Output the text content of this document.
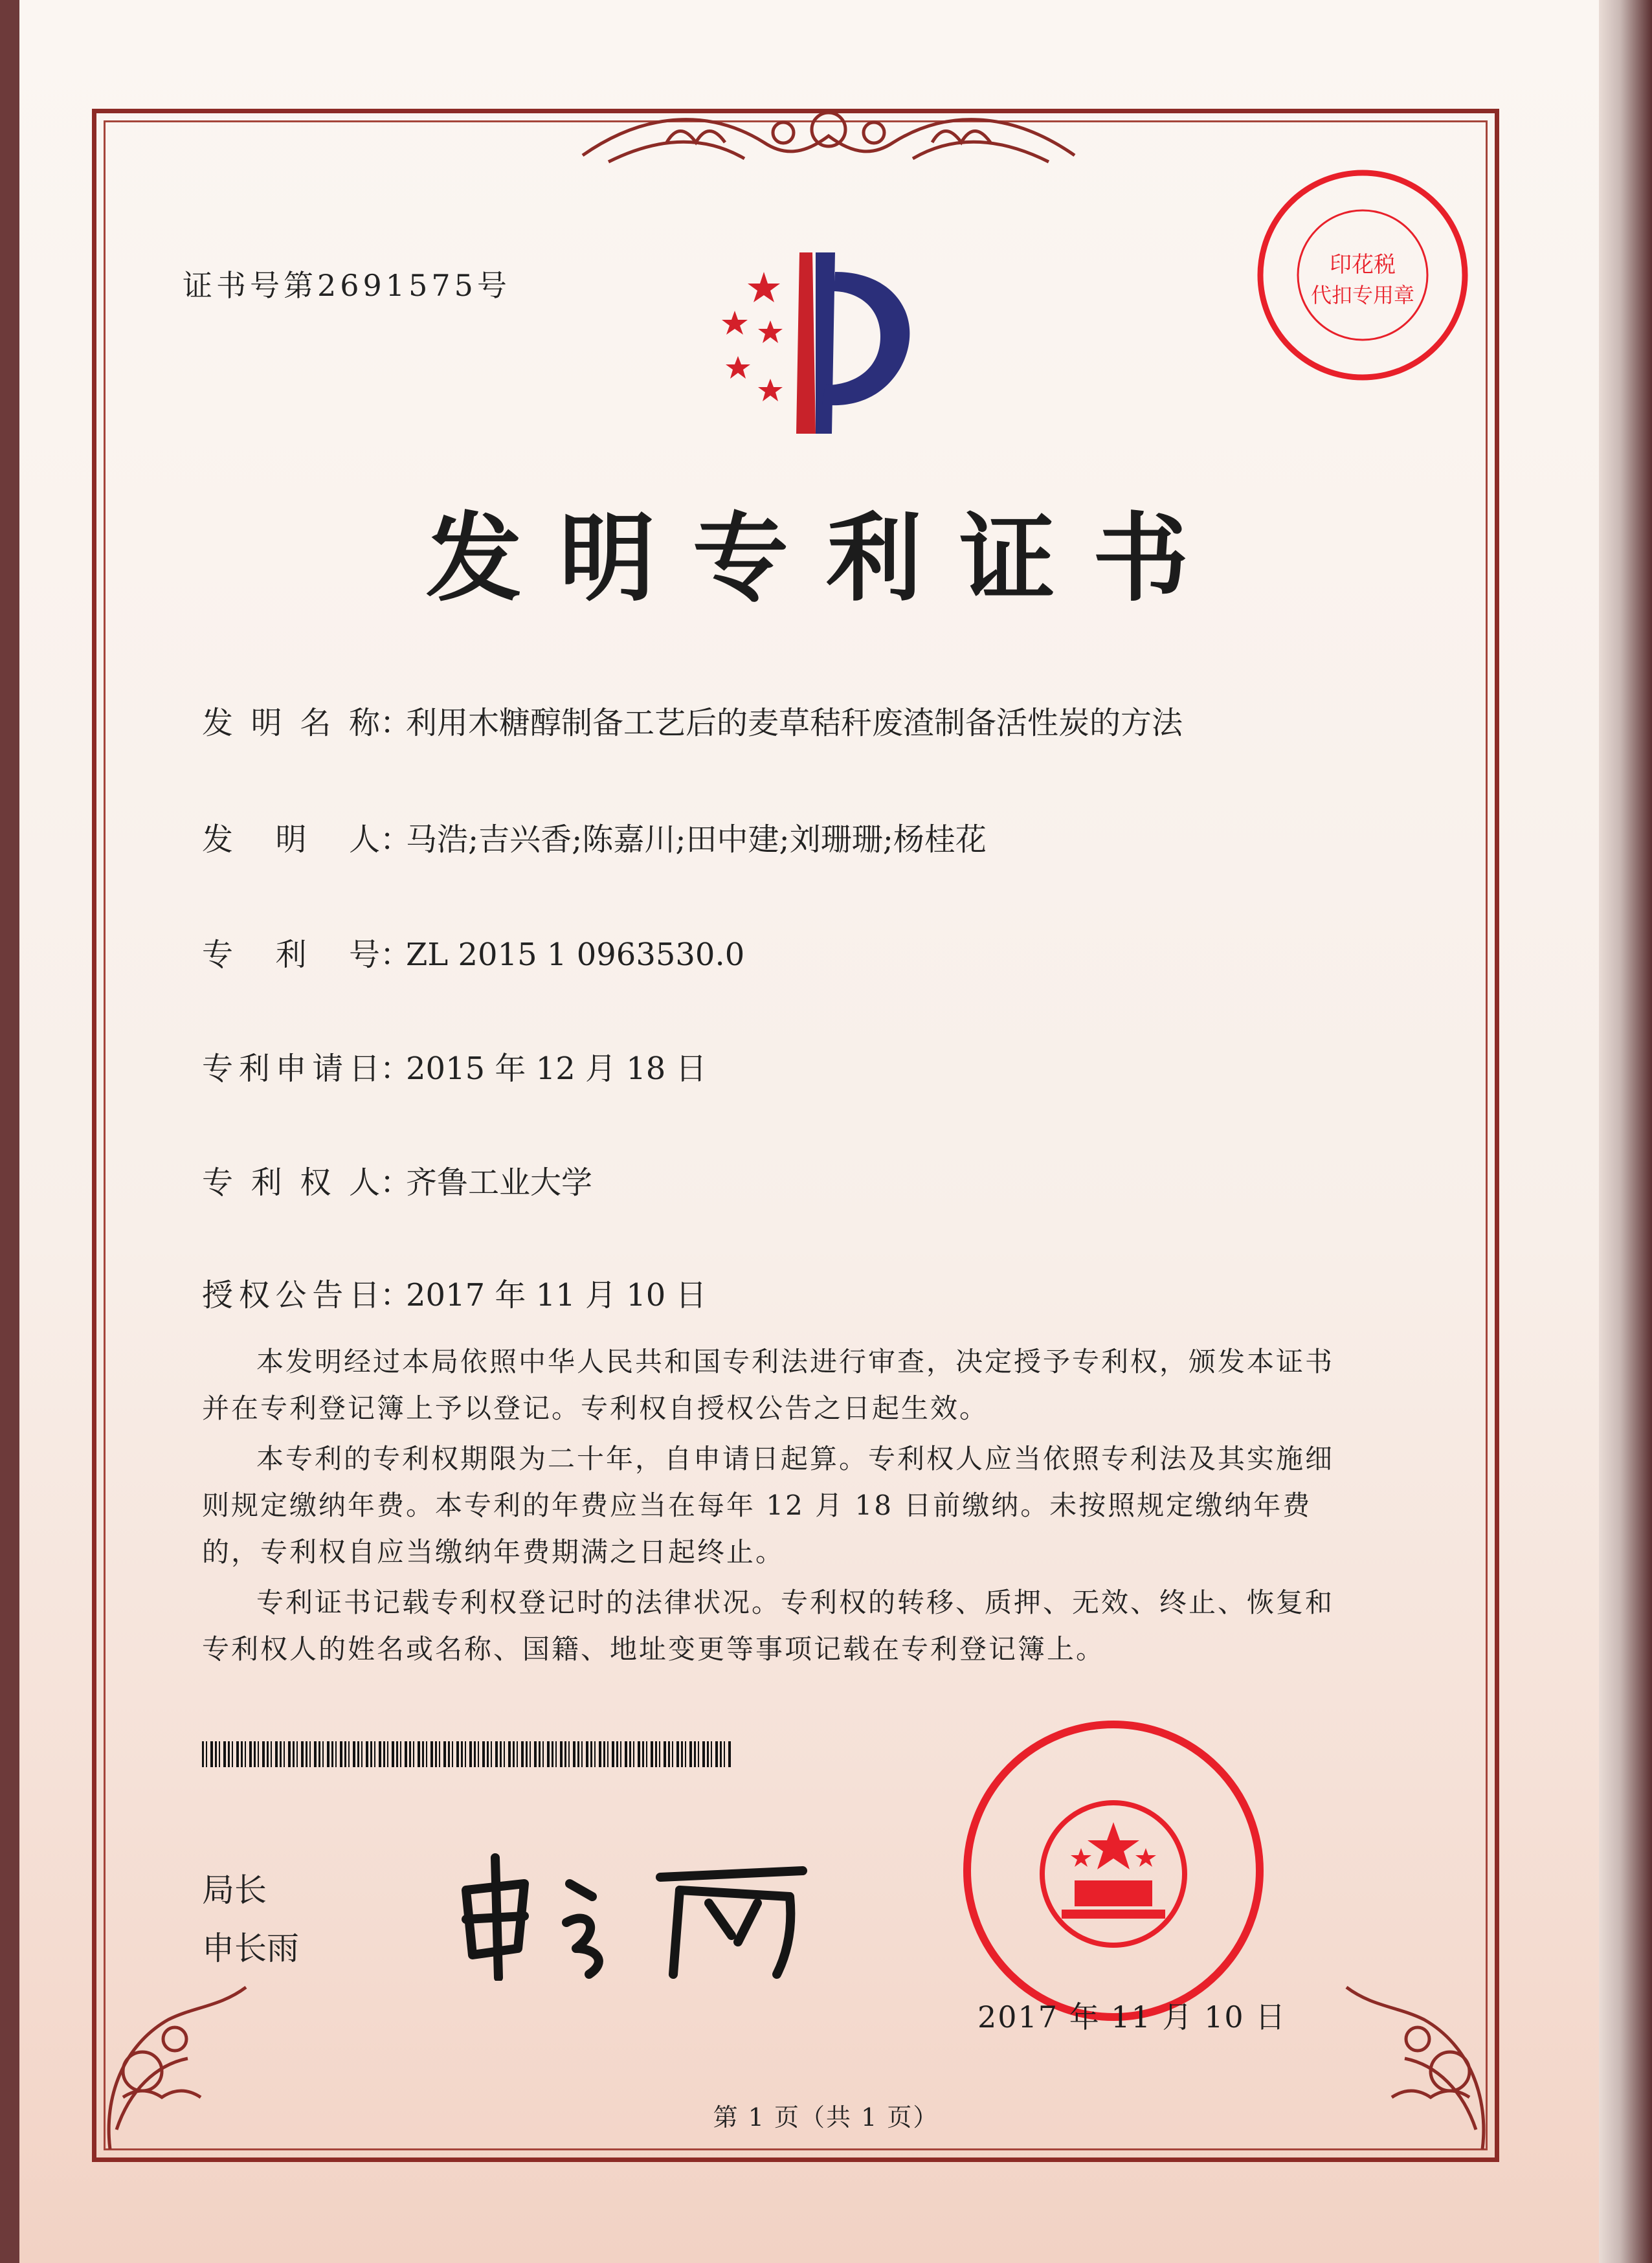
印花税
代扣专用章
证书号第2691575号
发明专利证书
发明名称：利用木糖醇制备工艺后的麦草秸秆废渣制备活性炭的方法
发明人：马浩;吉兴香;陈嘉川;田中建;刘珊珊;杨桂花
专利号：ZL 2015 1 0963530.0
专利申请日：2015 年 12 月 18 日
专利权人：齐鲁工业大学
授权公告日：2017 年 11 月 10 日

本发明经过本局依照中华人民共和国专利法进行审查，决定授予专利权，颁发本证书并在专利登记簿上予以登记。专利权自授权公告之日起生效。

本专利的专利权期限为二十年，自申请日起算。专利权人应当依照专利法及其实施细则规定缴纳年费。本专利的年费应当在每年 12 月 18 日前缴纳。未按照规定缴纳年费的，专利权自应当缴纳年费期满之日起终止。

专利证书记载专利权登记时的法律状况。专利权的转移、质押、无效、终止、恢复和专利权人的姓名或名称、国籍、地址变更等事项记载在专利登记簿上。

局长
申长雨
2017 年 11 月 10 日
第 1 页（共 1 页）
